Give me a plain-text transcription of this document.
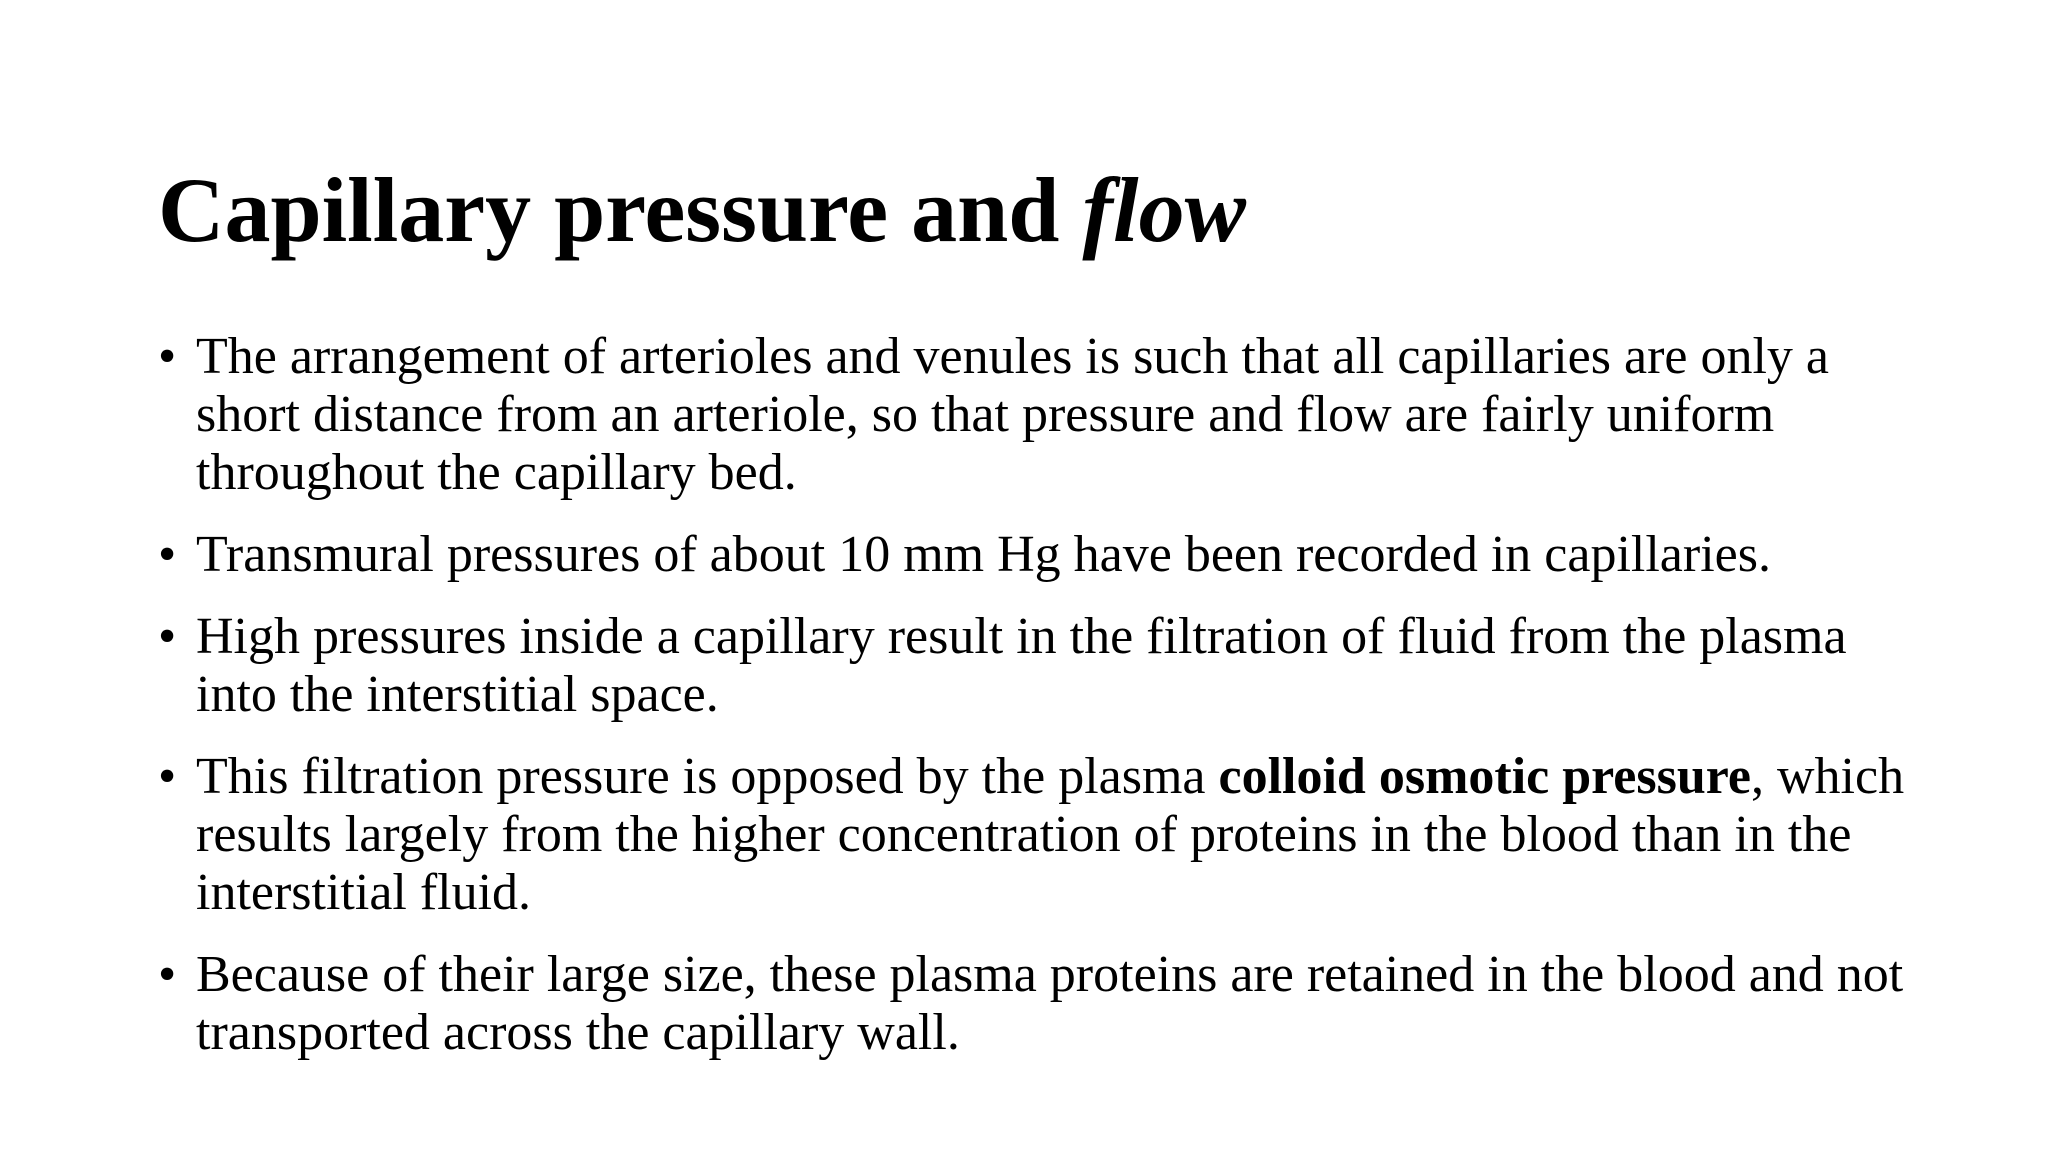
Capillary pressure and flow
• The arrangement of arterioles and venules is such that all capillaries are only a short distance from an arteriole, so that pressure and flow are fairly uniform throughout the capillary bed.
• Transmural pressures of about 10 mm Hg have been recorded in capillaries.
• High pressures inside a capillary result in the filtration of fluid from the plasma into the interstitial space.
• This filtration pressure is opposed by the plasma colloid osmotic pressure, which results largely from the higher concentration of proteins in the blood than in the interstitial fluid.
• Because of their large size, these plasma proteins are retained in the blood and not transported across the capillary wall.
